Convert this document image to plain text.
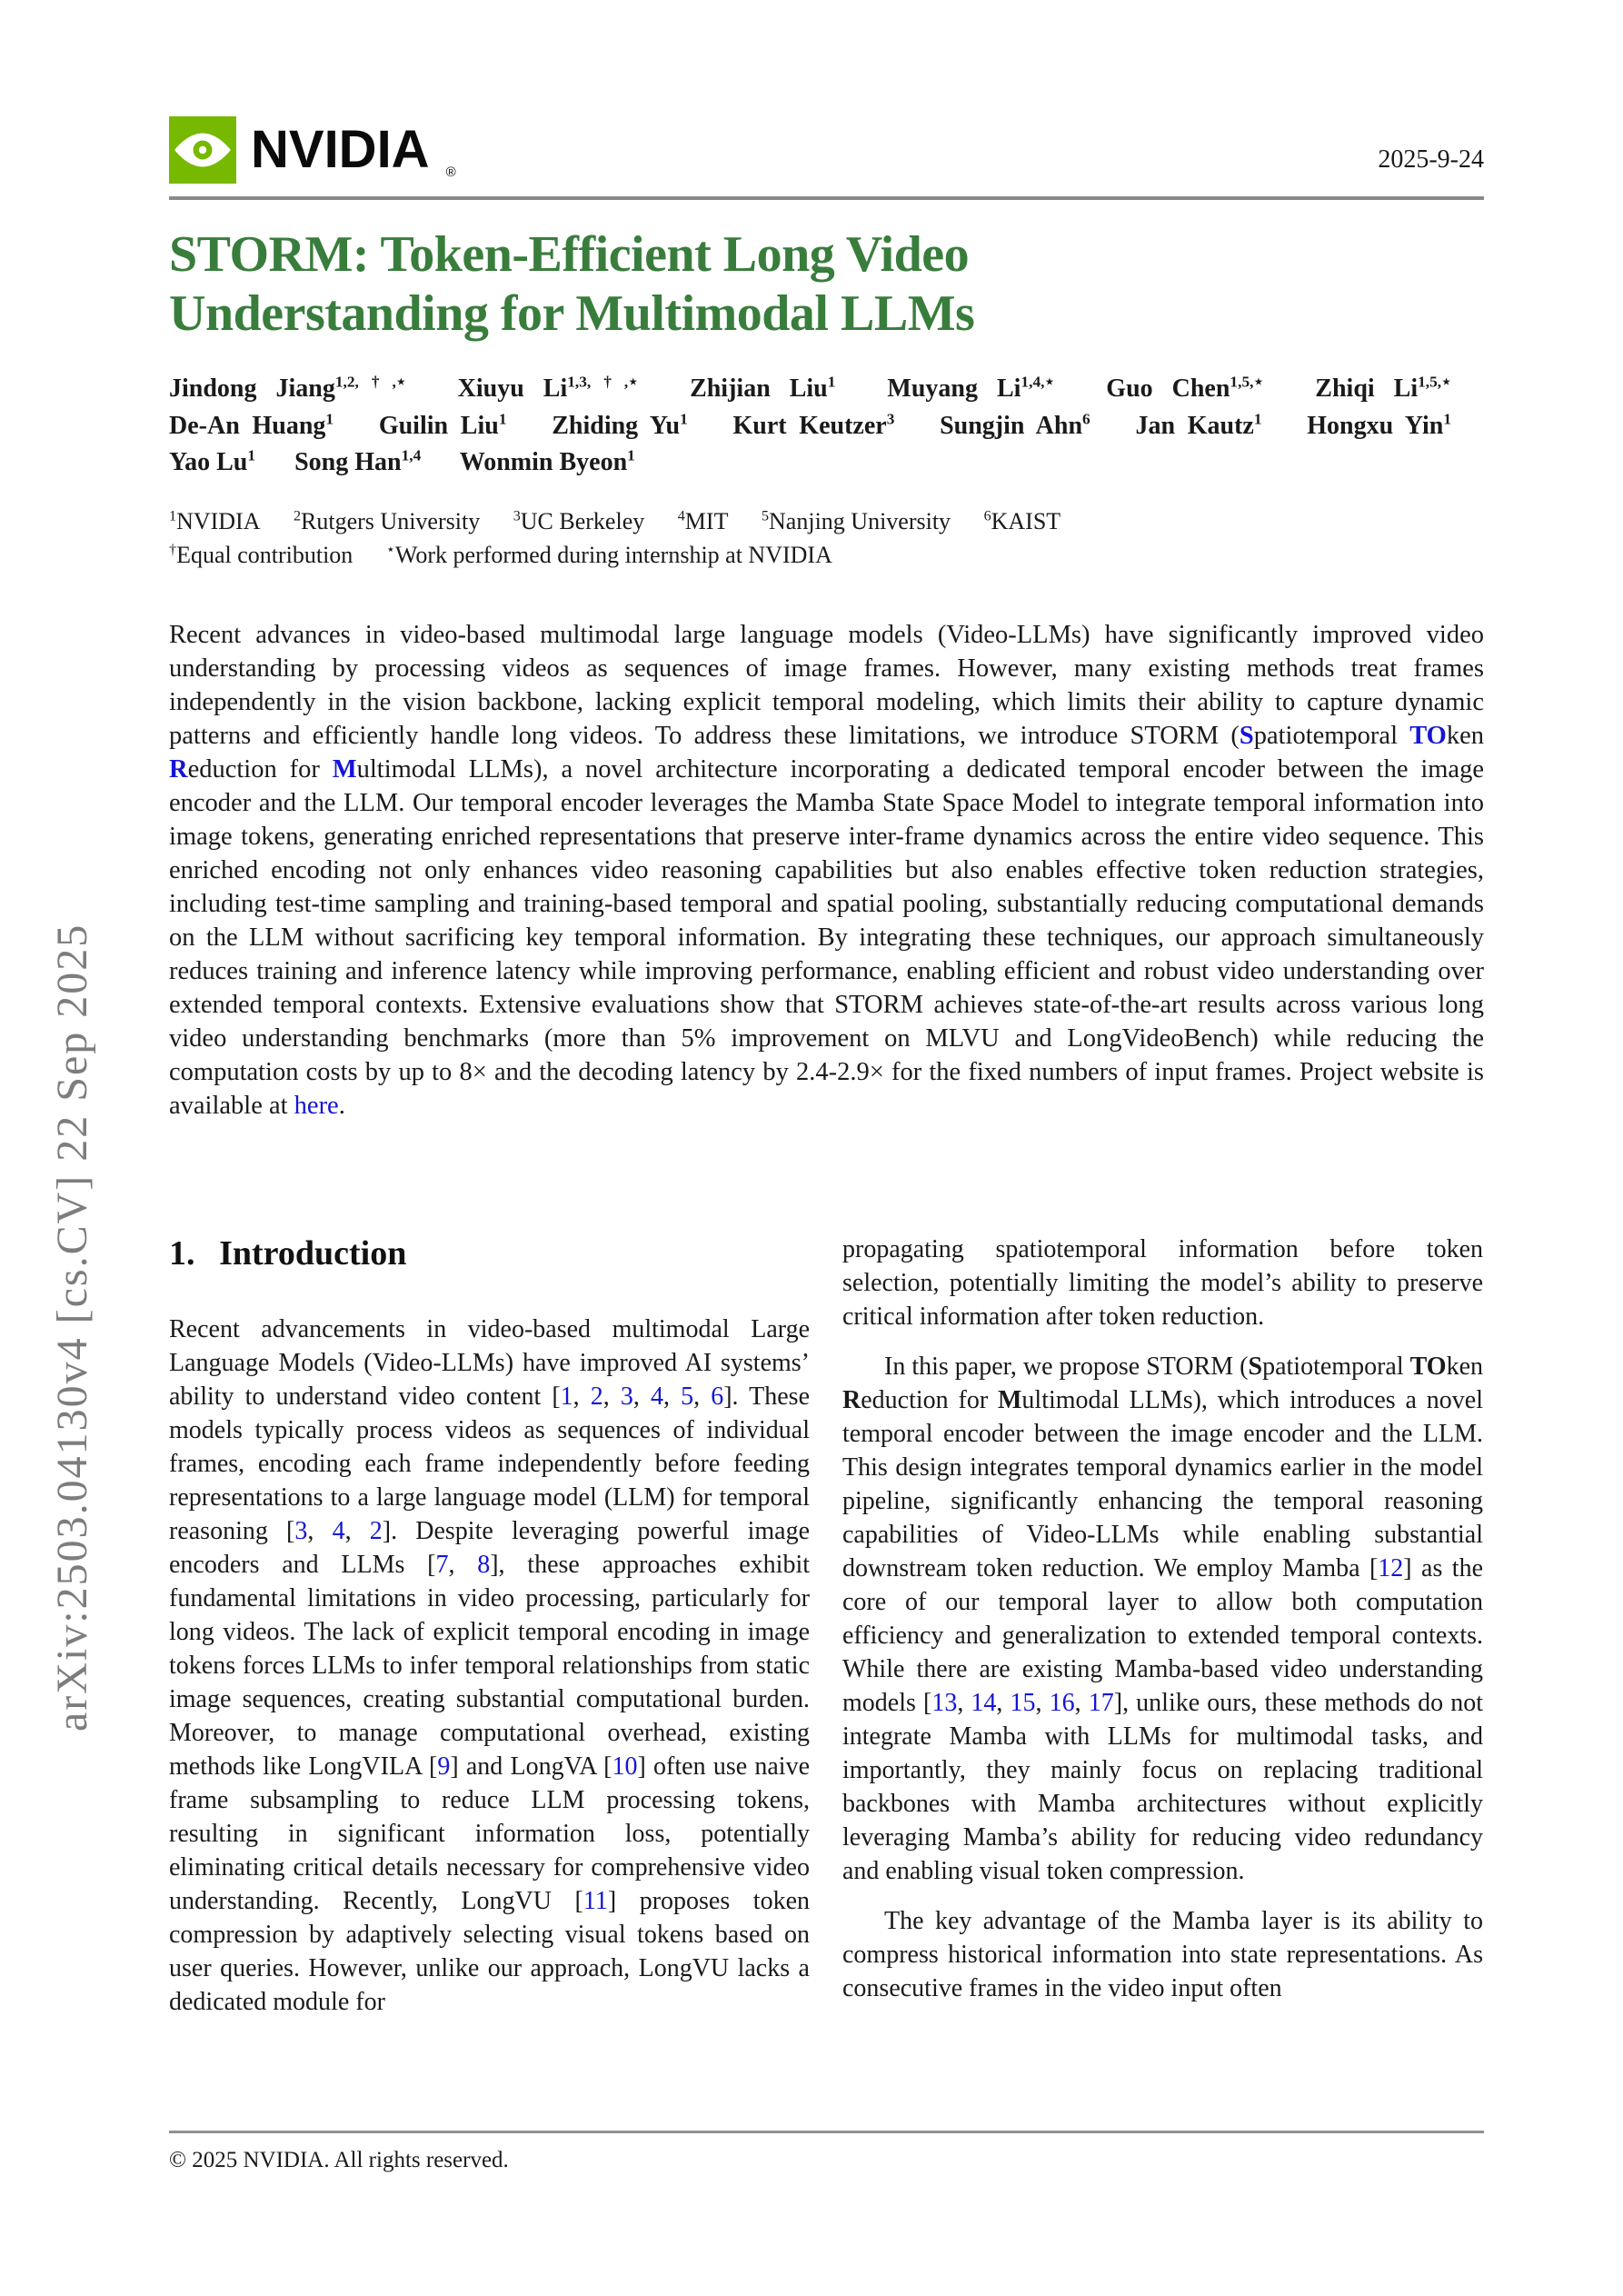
arXiv:2503.04130v4 [cs.CV] 22 Sep 2025
NVIDIA ®	2025-9-24
STORM: Token-Efficient Long Video
Understanding for Multimodal LLMs
Jindong Jiang$^{1,2,\dagger,⋆}$ Xiuyu $Li^{1,3,\dagger,⋆}$ Zhijian Liu$^1$ Muyang $Li^{1,4,⋆}$ Guo Chen$^{1,5,⋆}$ Zhiqi $Li^{1,5,⋆}$ De-An Huang$^1$ Guilin Liu$^1$ Zhiding Yu$^1$ Kurt Keutzer$^3$ Sungjin Ahn$^6$ Jan Kautz$^1$ Hongxu Yin$^1$ Yao Lu$^1$ Song Han$^{1,4}$ Wonmin Byeon$^1$
$^1$NVIDIA $^2$Rutgers University $^3$UC Berkeley $^4$MIT $^5$Nanjing University $^6$KAIST
†Equal contribution ⋆Work performed during internship at NVIDIA
Recent advances in video-based multimodal large language models (Video-LLMs) have significantly improved video understanding by processing videos as sequences of image frames. However, many existing methods treat frames independently in the vision backbone, lacking explicit temporal modeling, which limits their ability to capture dynamic patterns and efficiently handle long videos. To address these limitations, we introduce STORM (Spatiotemporal TOken Reduction for Multimodal LLMs), a novel architecture incorporating a dedicated temporal encoder between the image encoder and the LLM. Our temporal encoder leverages the Mamba State Space Model to integrate temporal information into image tokens, generating enriched representations that preserve inter-frame dynamics across the entire video sequence. This enriched encoding not only enhances video reasoning capabilities but also enables effective token reduction strategies, including test-time sampling and training-based temporal and spatial pooling, substantially reducing computational demands on the LLM without sacrificing key temporal information. By integrating these techniques, our approach simultaneously reduces training and inference latency while improving performance, enabling efficient and robust video understanding over extended temporal contexts. Extensive evaluations show that STORM achieves state-of-the-art results across various long video understanding benchmarks (more than 5% improvement on MLVU and LongVideoBench) while reducing the computation costs by up to 8× and the decoding latency by 2.4-2.9× for the fixed numbers of input frames. Project website is available at here.
1. Introduction

Recent advancements in video-based multimodal Large Language Models (Video-LLMs) have improved AI systems’ ability to understand video content [1, 2, 3, 4, 5, 6]. These models typically process videos as sequences of individual frames, encoding each frame independently before feeding representations to a large language model (LLM) for temporal reasoning [3, 4, 2]. Despite leveraging powerful image encoders and LLMs [7, 8], these approaches exhibit fundamental limitations in video processing, particularly for long videos. The lack of explicit temporal encoding in image tokens forces LLMs to infer temporal relationships from static image sequences, creating substantial computational burden. Moreover, to manage computational overhead, existing methods like LongVILA [9] and LongVA [10] often use naive frame subsampling to reduce LLM processing tokens, resulting in significant information loss, potentially eliminating critical details necessary for comprehensive video understanding. Recently, LongVU [11] proposes token compression by adaptively selecting visual tokens based on user queries. However, unlike our approach, LongVU lacks a dedicated module for

propagating spatiotemporal information before token selection, potentially limiting the model’s ability to preserve critical information after token reduction.

In this paper, we propose STORM (Spatiotemporal TOken Reduction for Multimodal LLMs), which introduces a novel temporal encoder between the image encoder and the LLM. This design integrates temporal dynamics earlier in the model pipeline, significantly enhancing the temporal reasoning capabilities of Video-LLMs while enabling substantial downstream token reduction. We employ Mamba [12] as the core of our temporal layer to allow both computation efficiency and generalization to extended temporal contexts. While there are existing Mamba-based video understanding models [13, 14, 15, 16, 17], unlike ours, these methods do not integrate Mamba with LLMs for multimodal tasks, and importantly, they mainly focus on replacing traditional backbones with Mamba architectures without explicitly leveraging Mamba’s ability for reducing video redundancy and enabling visual token compression.

The key advantage of the Mamba layer is its ability to compress historical information into state representations. As consecutive frames in the video input often

© 2025 NVIDIA. All rights reserved.
